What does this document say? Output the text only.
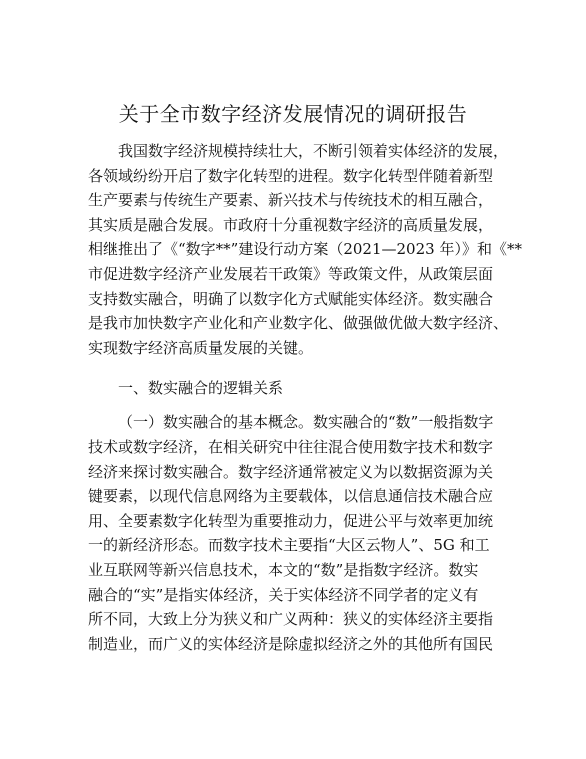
关于全市数字经济发展情况的调研报告

我国数字经济规模持续壮大，不断引领着实体经济的发展，

各领域纷纷开启了数字化转型的进程。数字化转型伴随着新型

生产要素与传统生产要素、新兴技术与传统技术的相互融合，

其实质是融合发展。市政府十分重视数字经济的高质量发展，

相继推出了《“数字**”建设行动方案（2021—2023 年）》和《**

市促进数字经济产业发展若干政策》等政策文件，从政策层面

支持数实融合，明确了以数字化方式赋能实体经济。数实融合

是我市加快数字产业化和产业数字化、做强做优做大数字经济、

实现数字经济高质量发展的关键。

一、数实融合的逻辑关系

（一）数实融合的基本概念。数实融合的“数”一般指数字

技术或数字经济，在相关研究中往往混合使用数字技术和数字

经济来探讨数实融合。数字经济通常被定义为以数据资源为关

键要素，以现代信息网络为主要载体，以信息通信技术融合应

用、全要素数字化转型为重要推动力，促进公平与效率更加统

一的新经济形态。而数字技术主要指“大区云物人”、5G 和工

业互联网等新兴信息技术，本文的“数”是指数字经济。数实

融合的“实”是指实体经济，关于实体经济不同学者的定义有

所不同，大致上分为狭义和广义两种：狭义的实体经济主要指

制造业，而广义的实体经济是除虚拟经济之外的其他所有国民
